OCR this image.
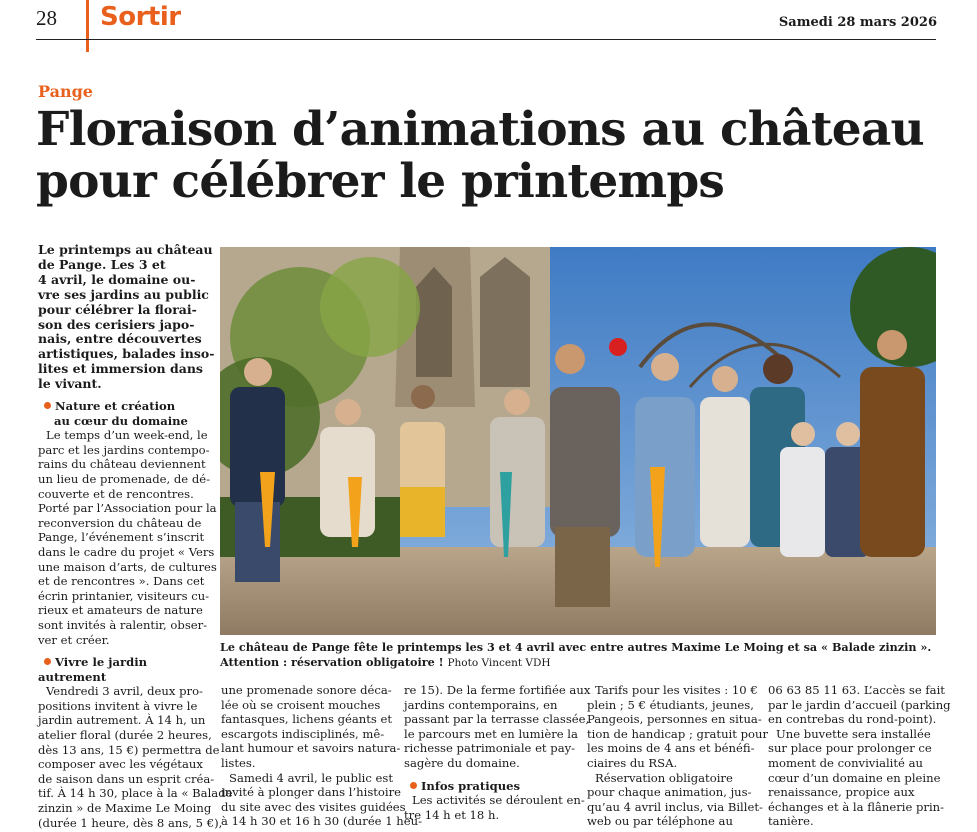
28 Sortir	Samedi 28 mars 2026
Pange
Floraison d’animations au château
pour célébrer le printemps
Le printemps au château
de Pange. Les 3 et
4 avril, le domaine ou-
vre ses jardins au public
pour célébrer la florai-
son des cerisiers japo-
nais, entre découvertes
artistiques, balades inso-
lites et immersion dans
le vivant.
Nature et création
au cœur du domaine
Le temps d’un week-end, le
parc et les jardins contempo-
rains du château deviennent
un lieu de promenade, de dé-
couverte et de rencontres.
Porté par l’Association pour la
reconversion du château de
Pange, l’événement s’inscrit
dans le cadre du projet « Vers
une maison d’arts, de cultures
et de rencontres ». Dans cet
écrin printanier, visiteurs cu-
rieux et amateurs de nature
sont invités à ralentir, obser-
ver et créer.
Vivre le jardin
autrement
Vendredi 3 avril, deux pro-
positions invitent à vivre le
jardin autrement. À 14 h, un
atelier floral (durée 2 heures,
dès 13 ans, 15 €) permettra de
composer avec les végétaux
de saison dans un esprit créa-
tif. À 14 h 30, place à la « Balade
zinzin » de Maxime Le Moing
(durée 1 heure, dès 8 ans, 5 €),
Le château de Pange fête le printemps les 3 et 4 avril avec entre autres Maxime Le Moing et sa « Balade zinzin ».
Attention : réservation obligatoire ! Photo Vincent VDH
une promenade sonore déca-
lée où se croisent mouches
fantasques, lichens géants et
escargots indisciplinés, mê-
lant humour et savoirs natura-
listes.
Samedi 4 avril, le public est
invité à plonger dans l’histoire
du site avec des visites guidées
à 14 h 30 et 16 h 30 (durée 1 heu-
re 15). De la ferme fortifiée aux
jardins contemporains, en
passant par la terrasse classée,
le parcours met en lumière la
richesse patrimoniale et pay-
sagère du domaine.
Infos pratiques
Les activités se déroulent en-
tre 14 h et 18 h.
Tarifs pour les visites : 10 €
plein ; 5 € étudiants, jeunes,
Pangeois, personnes en situa-
tion de handicap ; gratuit pour
les moins de 4 ans et bénéfi-
ciaires du RSA.
Réservation obligatoire
pour chaque animation, jus-
qu’au 4 avril inclus, via Billet-
web ou par téléphone au
06 63 85 11 63. L’accès se fait
par le jardin d’accueil (parking
en contrebas du rond-point).
Une buvette sera installée
sur place pour prolonger ce
moment de convivialité au
cœur d’un domaine en pleine
renaissance, propice aux
échanges et à la flânerie prin-
tanière.
